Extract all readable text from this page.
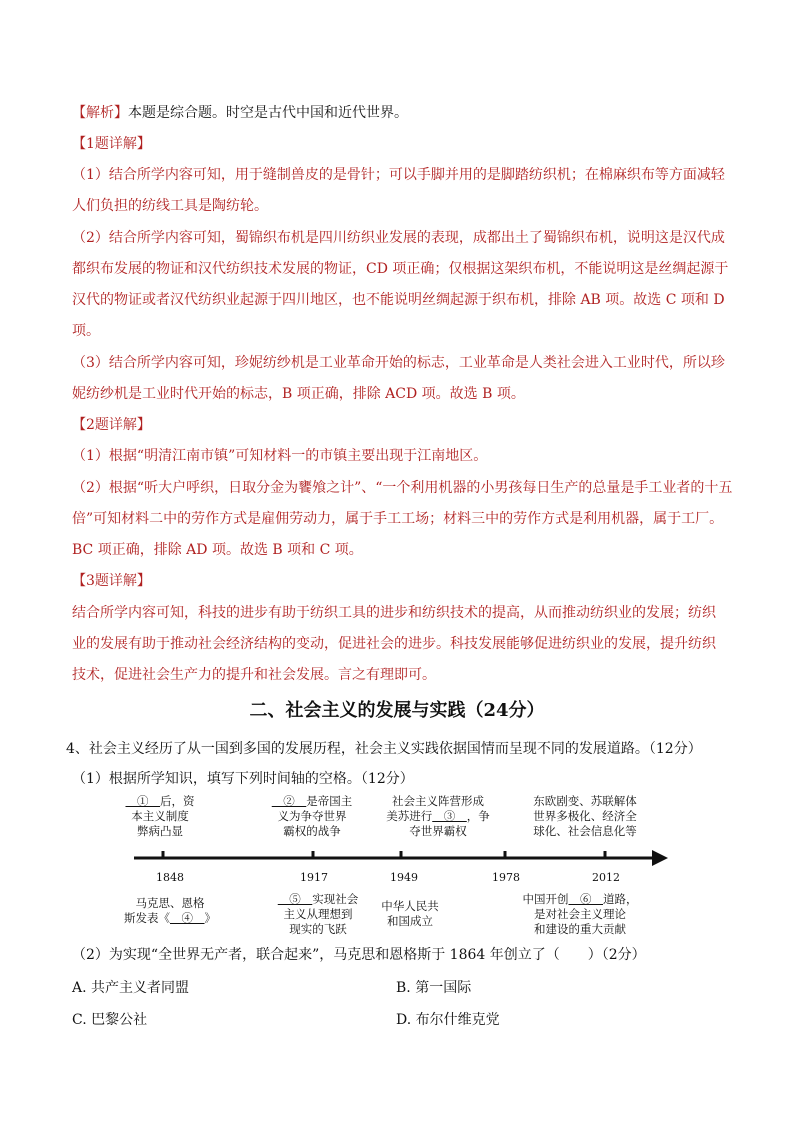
【解析】本题是综合题。时空是古代中国和近代世界。
【1题详解】
（1）结合所学内容可知，用于缝制兽皮的是骨针；可以手脚并用的是脚踏纺织机；在棉麻织布等方面减轻
人们负担的纺线工具是陶纺轮。
（2）结合所学内容可知，蜀锦织布机是四川纺织业发展的表现，成都出土了蜀锦织布机，说明这是汉代成
都织布发展的物证和汉代纺织技术发展的物证，CD 项正确；仅根据这架织布机，不能说明这是丝绸起源于
汉代的物证或者汉代纺织业起源于四川地区，也不能说明丝绸起源于织布机，排除 AB 项。故选 C 项和 D
项。
（3）结合所学内容可知，珍妮纺纱机是工业革命开始的标志，工业革命是人类社会进入工业时代，所以珍
妮纺纱机是工业时代开始的标志，B 项正确，排除 ACD 项。故选 B 项。
【2题详解】
（1）根据“明清江南市镇”可知材料一的市镇主要出现于江南地区。
（2）根据“听大户呼织，日取分金为饔飧之计”、“一个利用机器的小男孩每日生产的总量是手工业者的十五
倍”可知材料二中的劳作方式是雇佣劳动力，属于手工工场；材料三中的劳作方式是利用机器，属于工厂。
BC 项正确，排除 AD 项。故选 B 项和 C 项。
【3题详解】
结合所学内容可知，科技的进步有助于纺织工具的进步和纺织技术的提高，从而推动纺织业的发展；纺织
业的发展有助于推动社会经济结构的变动，促进社会的进步。科技发展能够促进纺织业的发展，提升纺织
技术，促进社会生产力的提升和社会发展。言之有理即可。
二、社会主义的发展与实践（24分）
4、社会主义经历了从一国到多国的发展历程，社会主义实践依据国情而呈现不同的发展道路。（12分）
（1）根据所学知识，填写下列时间轴的空格。（12分）
1848	1917	1949	1978	2012
　①　后，资
本主义制度
弊病凸显
　②　是帝国主
义为争夺世界
霸权的战争
社会主义阵营形成
美苏进行　③　，争
夺世界霸权
东欧剧变、苏联解体
世界多极化、经济全
球化、社会信息化等
马克思、恩格
斯发表《　④　》
　⑤　实现社会
主义从理想到
现实的飞跃
中华人民共
和国成立
中国开创　⑥　道路，
是对社会主义理论
和建设的重大贡献
（2）为实现“全世界无产者，联合起来”，马克思和恩格斯于 1864 年创立了（　　）（2分）
A. 共产主义者同盟	B. 第一国际
C. 巴黎公社	D. 布尔什维克党
